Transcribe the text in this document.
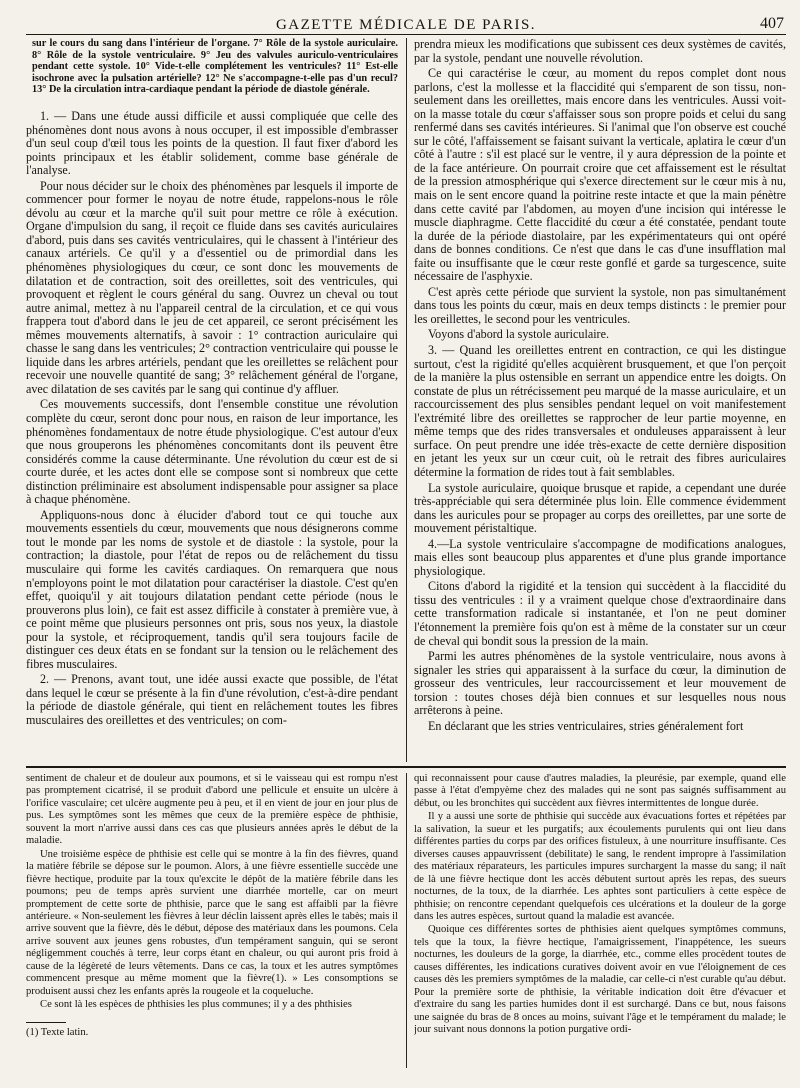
GAZETTE MÉDICALE DE PARIS.	407

sur le cours du sang dans l'intérieur de l'organe. 7° Rôle de la systole auriculaire. 8° Rôle de la systole ventriculaire. 9° Jeu des valvules auriculo-ventriculaires pendant cette systole. 10° Vide-t-elle complétement les ventricules? 11° Est-elle isochrone avec la pulsation artérielle? 12° Ne s'accompagne-t-elle pas d'un recul? 13° De la circulation intra-cardiaque pendant la période de diastole générale.

1. — Dans une étude aussi difficile et aussi compliquée que celle des phénomènes dont nous avons à nous occuper, il est impossible d'embrasser d'un seul coup d'œil tous les points de la question. Il faut fixer d'abord les points principaux et les établir solidement, comme base générale de l'analyse.

Pour nous décider sur le choix des phénomènes par lesquels il importe de commencer pour former le noyau de notre étude, rappelons-nous le rôle dévolu au cœur et la marche qu'il suit pour mettre ce rôle à exécution. Organe d'impulsion du sang, il reçoit ce fluide dans ses cavités auriculaires d'abord, puis dans ses cavités ventriculaires, qui le chassent à l'intérieur des canaux artériels. Ce qu'il y a d'essentiel ou de primordial dans les phénomènes physiologiques du cœur, ce sont donc les mouvements de dilatation et de contraction, soit des oreillettes, soit des ventricules, qui provoquent et règlent le cours général du sang. Ouvrez un cheval ou tout autre animal, mettez à nu l'appareil central de la circulation, et ce qui vous frappera tout d'abord dans le jeu de cet appareil, ce seront précisément les mêmes mouvements alternatifs, à savoir : 1° contraction auriculaire qui chasse le sang dans les ventricules; 2° contraction ventriculaire qui pousse le liquide dans les arbres artériels, pendant que les oreillettes se relâchent pour recevoir une nouvelle quantité de sang; 3° relâchement général de l'organe, avec dilatation de ses cavités par le sang qui continue d'y affluer.

Ces mouvements successifs, dont l'ensemble constitue une révolution complète du cœur, seront donc pour nous, en raison de leur importance, les phénomènes fondamentaux de notre étude physiologique. C'est autour d'eux que nous grouperons les phénomènes concomitants dont ils peuvent être considérés comme la cause déterminante. Une révolution du cœur est de si courte durée, et les actes dont elle se compose sont si nombreux que cette distinction préliminaire est absolument indispensable pour assigner sa place à chaque phénomène.

Appliquons-nous donc à élucider d'abord tout ce qui touche aux mouvements essentiels du cœur, mouvements que nous désignerons comme tout le monde par les noms de systole et de diastole : la systole, pour la contraction; la diastole, pour l'état de repos ou de relâchement du tissu musculaire qui forme les cavités cardiaques. On remarquera que nous n'employons point le mot dilatation pour caractériser la diastole. C'est qu'en effet, quoiqu'il y ait toujours dilatation pendant cette période (nous le prouverons plus loin), ce fait est assez difficile à constater à première vue, à ce point même que plusieurs personnes ont pris, sous nos yeux, la diastole pour la systole, et réciproquement, tandis qu'il sera toujours facile de distinguer ces deux états en se fondant sur la tension ou le relâchement des fibres musculaires.

2. — Prenons, avant tout, une idée aussi exacte que possible, de l'état dans lequel le cœur se présente à la fin d'une révolution, c'est-à-dire pendant la période de diastole générale, qui tient en relâchement toutes les fibres musculaires des oreillettes et des ventricules; on com-

prendra mieux les modifications que subissent ces deux systèmes de cavités, par la systole, pendant une nouvelle révolution.

Ce qui caractérise le cœur, au moment du repos complet dont nous parlons, c'est la mollesse et la flaccidité qui s'emparent de son tissu, non-seulement dans les oreillettes, mais encore dans les ventricules. Aussi voit-on la masse totale du cœur s'affaisser sous son propre poids et celui du sang renfermé dans ses cavités intérieures. Si l'animal que l'on observe est couché sur le côté, l'affaissement se faisant suivant la verticale, aplatira le cœur d'un côté à l'autre : s'il est placé sur le ventre, il y aura dépression de la pointe et de la face antérieure. On pourrait croire que cet affaissement est le résultat de la pression atmosphérique qui s'exerce directement sur le cœur mis à nu, mais on le sent encore quand la poitrine reste intacte et que la main pénètre dans cette cavité par l'abdomen, au moyen d'une incision qui intéresse le muscle diaphragme. Cette flaccidité du cœur a été constatée, pendant toute la durée de la période diastolaire, par les expérimentateurs qui ont opéré dans de bonnes conditions. Ce n'est que dans le cas d'une insufflation mal faite ou insuffisante que le cœur reste gonflé et garde sa turgescence, suite nécessaire de l'asphyxie.

C'est après cette période que survient la systole, non pas simultanément dans tous les points du cœur, mais en deux temps distincts : le premier pour les oreillettes, le second pour les ventricules.

Voyons d'abord la systole auriculaire.

3. — Quand les oreillettes entrent en contraction, ce qui les distingue surtout, c'est la rigidité qu'elles acquièrent brusquement, et que l'on perçoit de la manière la plus ostensible en serrant un appendice entre les doigts. On constate de plus un rétrécissement peu marqué de la masse auriculaire, et un raccourcissement des plus sensibles pendant lequel on voit manifestement l'extrémité libre des oreillettes se rapprocher de leur partie moyenne, en même temps que des rides transversales et onduleuses apparaissent à leur surface. On peut prendre une idée très-exacte de cette dernière disposition en jetant les yeux sur un cœur cuit, où le retrait des fibres auriculaires détermine la formation de rides tout à fait semblables.

La systole auriculaire, quoique brusque et rapide, a cependant une durée très-appréciable qui sera déterminée plus loin. Elle commence évidemment dans les auricules pour se propager au corps des oreillettes, par une sorte de mouvement péristaltique.

4.—La systole ventriculaire s'accompagne de modifications analogues, mais elles sont beaucoup plus apparentes et d'une plus grande importance physiologique.

Citons d'abord la rigidité et la tension qui succèdent à la flaccidité du tissu des ventricules : il y a vraiment quelque chose d'extraordinaire dans cette transformation radicale si instantanée, et l'on ne peut dominer l'étonnement la première fois qu'on est à même de la constater sur un cœur de cheval qui bondit sous la pression de la main.

Parmi les autres phénomènes de la systole ventriculaire, nous avons à signaler les stries qui apparaissent à la surface du cœur, la diminution de grosseur des ventricules, leur raccourcissement et leur mouvement de torsion : toutes choses déjà bien connues et sur lesquelles nous nous arrêterons à peine.

En déclarant que les stries ventriculaires, stries généralement fort

sentiment de chaleur et de douleur aux poumons, et si le vaisseau qui est rompu n'est pas promptement cicatrisé, il se produit d'abord une pellicule et ensuite un ulcère à l'orifice vasculaire; cet ulcère augmente peu à peu, et il en vient de jour en jour plus de pus. Les symptômes sont les mêmes que ceux de la première espèce de phthisie, souvent la mort n'arrive aussi dans ces cas que plusieurs années après le début de la maladie.

Une troisième espèce de phthisie est celle qui se montre à la fin des fièvres, quand la matière fébrile se dépose sur le poumon. Alors, à une fièvre essentielle succède une fièvre hectique, produite par la toux qu'excite le dépôt de la matière fébrile dans les poumons; peu de temps après survient une diarrhée mortelle, car on meurt promptement de cette sorte de phthisie, parce que le sang est affaibli par la fièvre antérieure. « Non-seulement les fièvres à leur déclin laissent après elles le tabès; mais il arrive souvent que la fièvre, dès le début, dépose des matériaux dans les poumons. Cela arrive souvent aux jeunes gens robustes, d'un tempérament sanguin, qui se seront négligemment couchés à terre, leur corps étant en chaleur, ou qui auront pris froid à cause de la légèreté de leurs vêtements. Dans ce cas, la toux et les autres symptômes commencent presque au même moment que la fièvre(1). » Les consomptions se produisent aussi chez les enfants après la rougeole et la coqueluche.

Ce sont là les espèces de phthisies les plus communes; il y a des phthisies

(1) Texte latin.

qui reconnaissent pour cause d'autres maladies, la pleurésie, par exemple, quand elle passe à l'état d'empyème chez des malades qui ne sont pas saignés suffisamment au début, ou les bronchites qui succèdent aux fièvres intermittentes de longue durée.

Il y a aussi une sorte de phthisie qui succède aux évacuations fortes et répétées par la salivation, la sueur et les purgatifs; aux écoulements purulents qui ont lieu dans différentes parties du corps par des orifices fistuleux, à une nourriture insuffisante. Ces diverses causes appauvrissent (debilitate) le sang, le rendent impropre à l'assimilation des matériaux réparateurs, les particules impures surchargent la masse du sang; il naît de là une fièvre hectique dont les accès débutent surtout après les repas, des sueurs nocturnes, de la toux, de la diarrhée. Les aphtes sont particuliers à cette espèce de phthisie; on rencontre cependant quelquefois ces ulcérations et la douleur de la gorge dans les autres espèces, surtout quand la maladie est avancée.

Quoique ces différentes sortes de phthisies aient quelques symptômes communs, tels que la toux, la fièvre hectique, l'amaigrissement, l'inappétence, les sueurs nocturnes, les douleurs de la gorge, la diarrhée, etc., comme elles procèdent toutes de causes différentes, les indications curatives doivent avoir en vue l'éloignement de ces causes dès les premiers symptômes de la maladie, car celle-ci n'est curable qu'au début. Pour la première sorte de phthisie, la véritable indication doit être d'évacuer et d'extraire du sang les parties humides dont il est surchargé. Dans ce but, nous faisons une saignée du bras de 8 onces au moins, suivant l'âge et le tempérament du malade; le jour suivant nous donnons la potion purgative ordi-
